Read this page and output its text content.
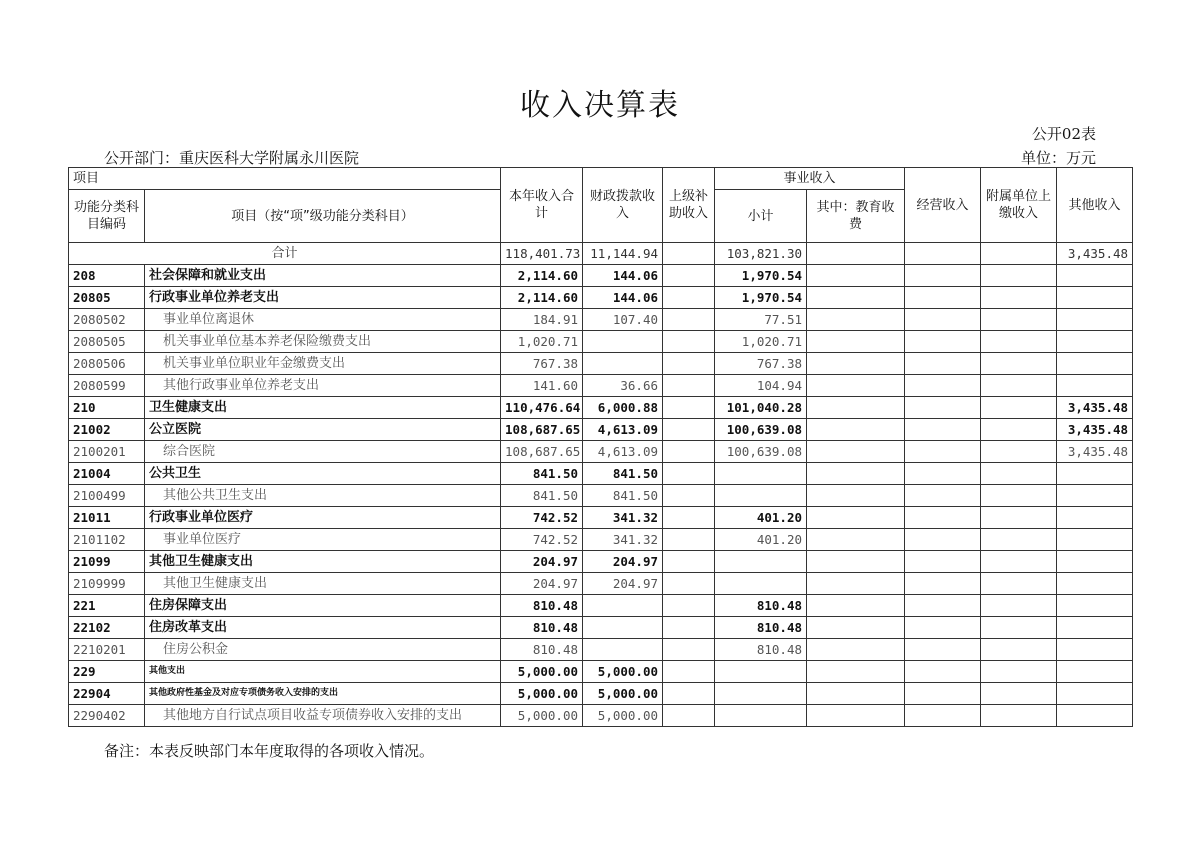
收入决算表
公开02表
公开部门：重庆医科大学附属永川医院	单位：万元
项目		本年收入合计	财政拨款收入	上级补助收入	事业收入		经营收入	附属单位上缴收入	其他收入
功能分类科目编码	项目（按“项”级功能分类科目）								
					小计	其中：教育收费			
合计		118,401.73	11,144.94		103,821.30				3,435.48
208	社会保障和就业支出	2,114.60	144.06		1,970.54				
20805	行政事业单位养老支出	2,114.60	144.06		1,970.54				
2080502	事业单位离退休	184.91	107.40		77.51				
2080505	机关事业单位基本养老保险缴费支出	1,020.71			1,020.71				
2080506	机关事业单位职业年金缴费支出	767.38			767.38				
2080599	其他行政事业单位养老支出	141.60	36.66		104.94				
210	卫生健康支出	110,476.64	6,000.88		101,040.28				3,435.48
21002	公立医院	108,687.65	4,613.09		100,639.08				3,435.48
2100201	综合医院	108,687.65	4,613.09		100,639.08				3,435.48
21004	公共卫生	841.50	841.50						
2100499	其他公共卫生支出	841.50	841.50						
21011	行政事业单位医疗	742.52	341.32		401.20				
2101102	事业单位医疗	742.52	341.32		401.20				
21099	其他卫生健康支出	204.97	204.97						
2109999	其他卫生健康支出	204.97	204.97						
221	住房保障支出	810.48			810.48				
22102	住房改革支出	810.48			810.48				
2210201	住房公积金	810.48			810.48				
229	其他支出	5,000.00	5,000.00						
22904	其他政府性基金及对应专项债务收入安排的支出	5,000.00	5,000.00						
2290402	其他地方自行试点项目收益专项债券收入安排的支出	5,000.00	5,000.00						
备注：本表反映部门本年度取得的各项收入情况。
